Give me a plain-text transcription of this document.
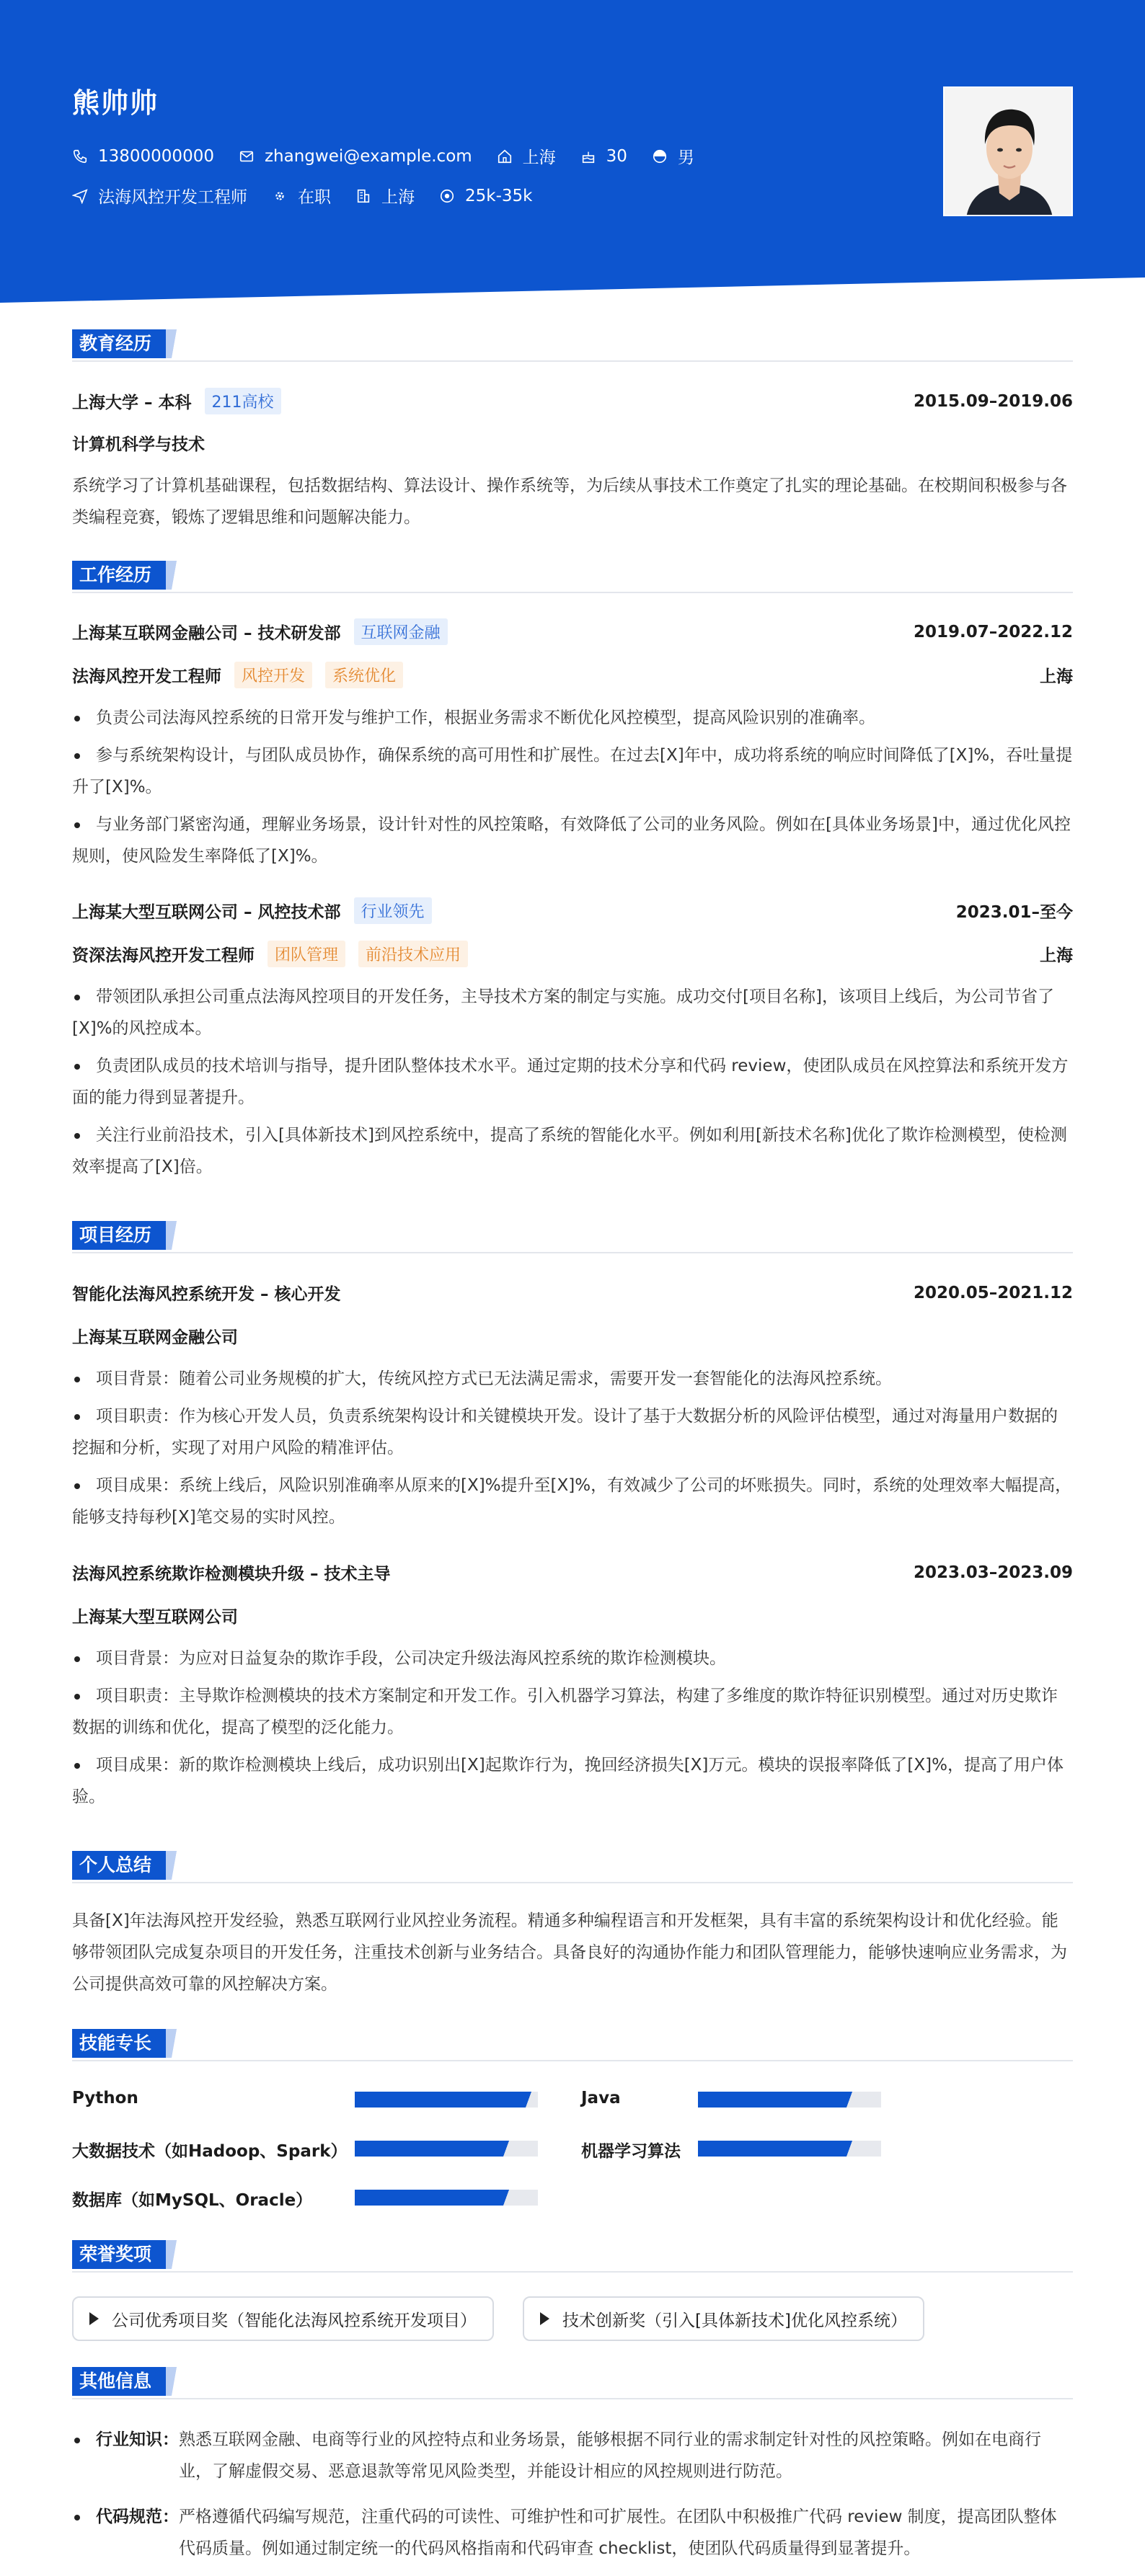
熊帅帅
13800000000	zhangwei@example.com	上海	30	男
法海风控开发工程师	在职	上海	25k-35k
教育经历
上海大学 – 本科	211高校	2015.09–2019.06
计算机科学与技术
系统学习了计算机基础课程，包括数据结构、算法设计、操作系统等，为后续从事技术工作奠定了扎实的理论基础。在校期间积极参与各类编程竞赛，锻炼了逻辑思维和问题解决能力。
工作经历
上海某互联网金融公司 – 技术研发部	互联网金融	2019.07–2022.12
法海风控开发工程师	风控开发	系统优化	上海
负责公司法海风控系统的日常开发与维护工作，根据业务需求不断优化风控模型，提高风险识别的准确率。
参与系统架构设计，与团队成员协作，确保系统的高可用性和扩展性。在过去[X]年中，成功将系统的响应时间降低了[X]%，吞吐量提升了[X]%。
与业务部门紧密沟通，理解业务场景，设计针对性的风控策略，有效降低了公司的业务风险。例如在[具体业务场景]中，通过优化风控规则，使风险发生率降低了[X]%。
上海某大型互联网公司 – 风控技术部	行业领先	2023.01–至今
资深法海风控开发工程师	团队管理	前沿技术应用	上海
带领团队承担公司重点法海风控项目的开发任务，主导技术方案的制定与实施。成功交付[项目名称]，该项目上线后，为公司节省了[X]%的风控成本。
负责团队成员的技术培训与指导，提升团队整体技术水平。通过定期的技术分享和代码 review，使团队成员在风控算法和系统开发方面的能力得到显著提升。
关注行业前沿技术，引入[具体新技术]到风控系统中，提高了系统的智能化水平。例如利用[新技术名称]优化了欺诈检测模型，使检测效率提高了[X]倍。
项目经历
智能化法海风控系统开发 – 核心开发	2020.05–2021.12
上海某互联网金融公司
项目背景：随着公司业务规模的扩大，传统风控方式已无法满足需求，需要开发一套智能化的法海风控系统。
项目职责：作为核心开发人员，负责系统架构设计和关键模块开发。设计了基于大数据分析的风险评估模型，通过对海量用户数据的挖掘和分析，实现了对用户风险的精准评估。
项目成果：系统上线后，风险识别准确率从原来的[X]%提升至[X]%，有效减少了公司的坏账损失。同时，系统的处理效率大幅提高，能够支持每秒[X]笔交易的实时风控。
法海风控系统欺诈检测模块升级 – 技术主导	2023.03–2023.09
上海某大型互联网公司
项目背景：为应对日益复杂的欺诈手段，公司决定升级法海风控系统的欺诈检测模块。
项目职责：主导欺诈检测模块的技术方案制定和开发工作。引入机器学习算法，构建了多维度的欺诈特征识别模型。通过对历史欺诈数据的训练和优化，提高了模型的泛化能力。
项目成果：新的欺诈检测模块上线后，成功识别出[X]起欺诈行为，挽回经济损失[X]万元。模块的误报率降低了[X]%，提高了用户体验。
个人总结
具备[X]年法海风控开发经验，熟悉互联网行业风控业务流程。精通多种编程语言和开发框架，具有丰富的系统架构设计和优化经验。能够带领团队完成复杂项目的开发任务，注重技术创新与业务结合。具备良好的沟通协作能力和团队管理能力，能够快速响应业务需求，为公司提供高效可靠的风控解决方案。
技能专长
Python	Java
大数据技术（如Hadoop、Spark）	机器学习算法
数据库（如MySQL、Oracle）
荣誉奖项
公司优秀项目奖（智能化法海风控系统开发项目）	技术创新奖（引入[具体新技术]优化风控系统）
其他信息
行业知识： 熟悉互联网金融、电商等行业的风控特点和业务场景，能够根据不同行业的需求制定针对性的风控策略。例如在电商行业，了解虚假交易、恶意退款等常见风险类型，并能设计相应的风控规则进行防范。
代码规范： 严格遵循代码编写规范，注重代码的可读性、可维护性和可扩展性。在团队中积极推广代码 review 制度，提高团队整体代码质量。例如通过制定统一的代码风格指南和代码审查 checklist，使团队代码质量得到显著提升。
